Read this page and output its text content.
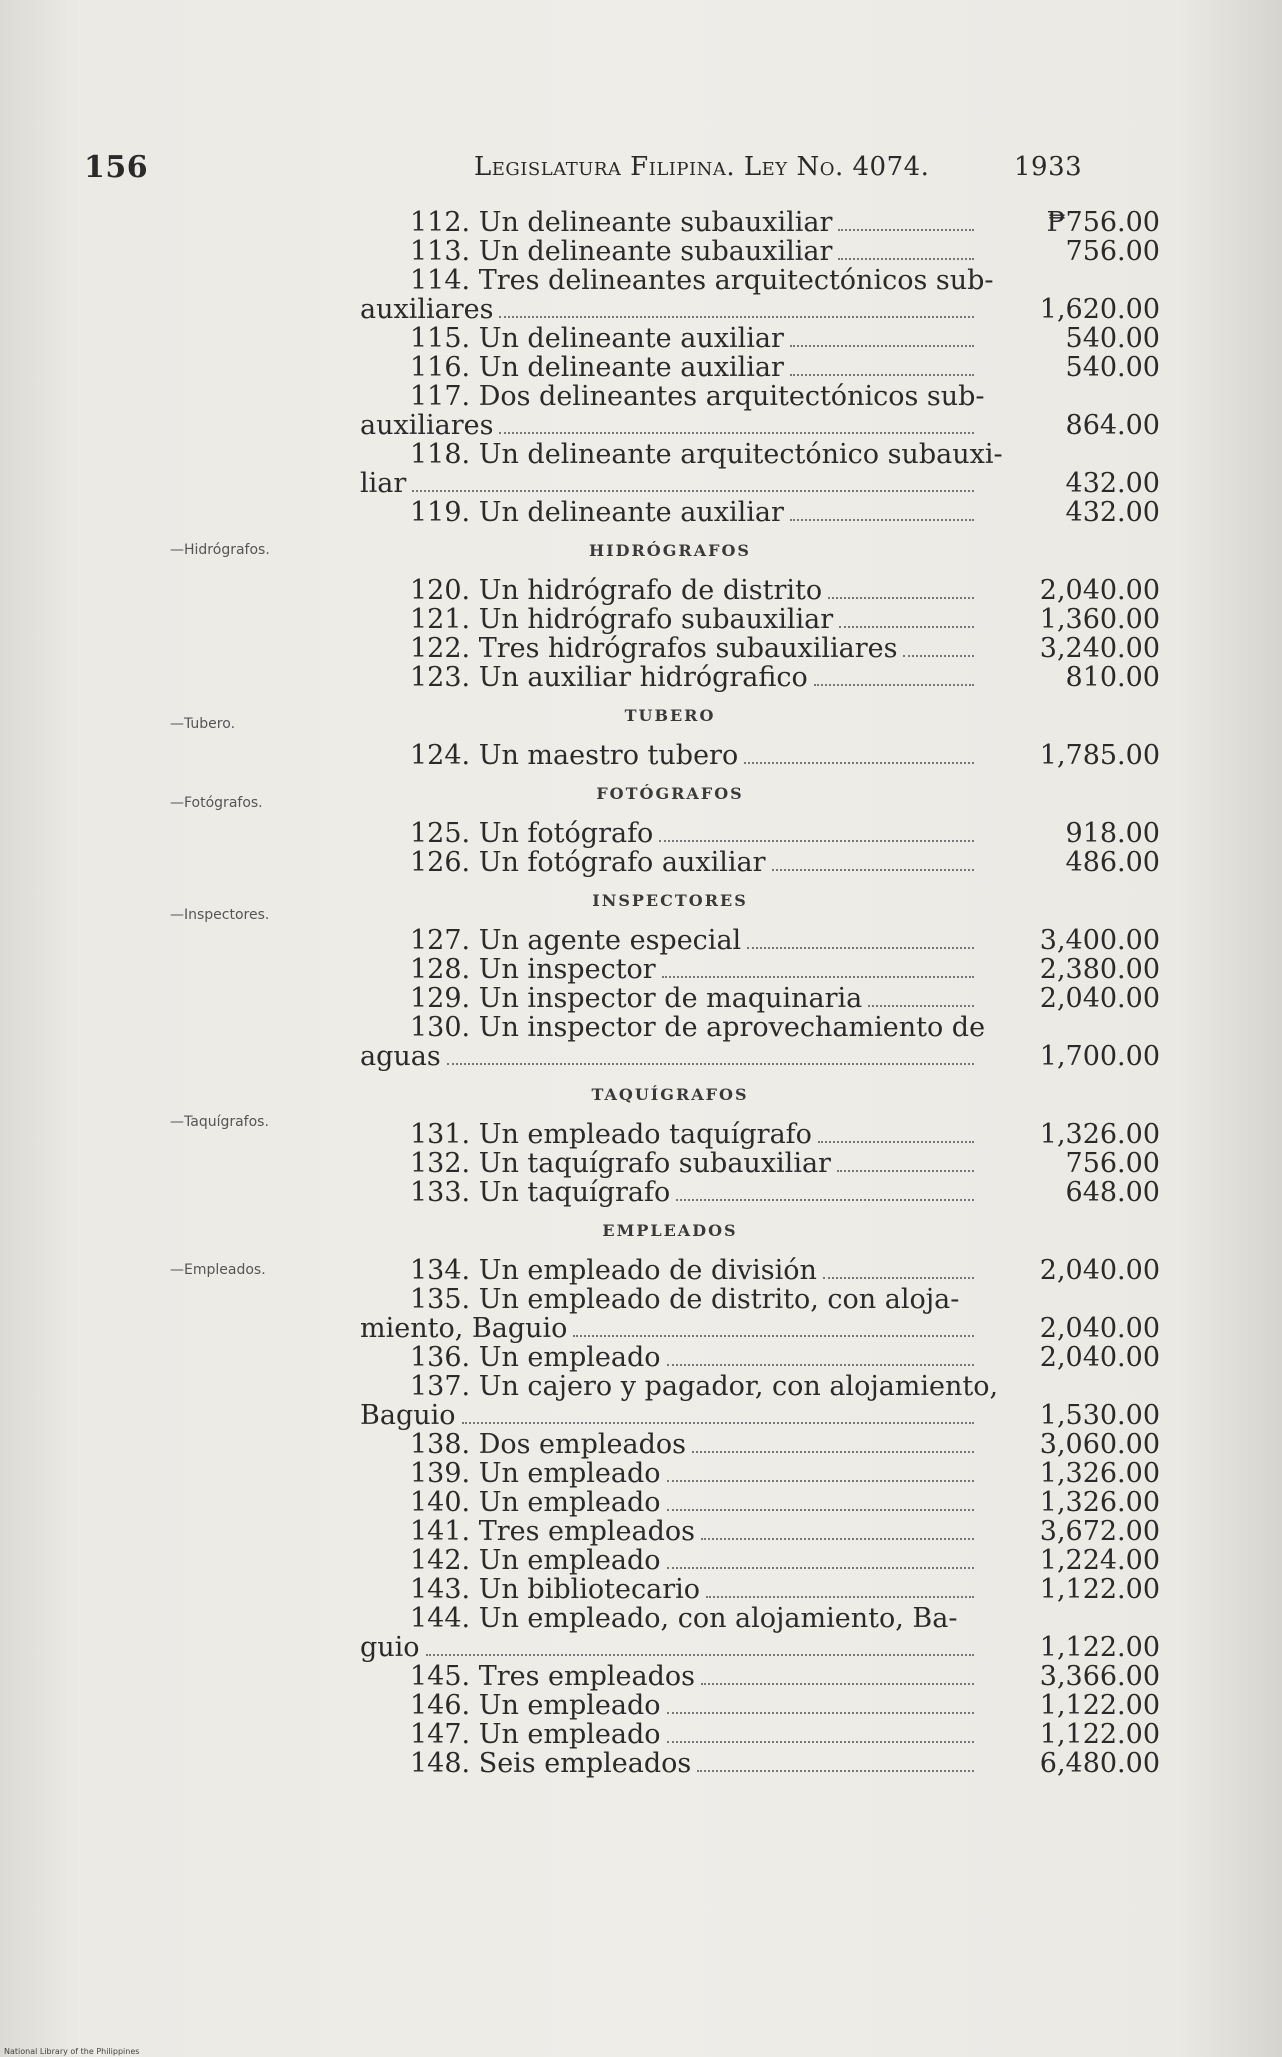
156	Legislatura Filipina. Ley No. 4074.	1933
—Hidrógrafos.
—Tubero.
—Fotógrafos.
—Inspectores.
—Taquígrafos.
—Empleados.
112. Un delineante subauxiliar	₱756.00
113. Un delineante subauxiliar	756.00
114. Tres delineantes arquitectónicos sub-
auxiliares	1,620.00
115. Un delineante auxiliar	540.00
116. Un delineante auxiliar	540.00
117. Dos delineantes arquitectónicos sub-
auxiliares	864.00
118. Un delineante arquitectónico subauxi-
liar	432.00
119. Un delineante auxiliar	432.00
HIDRÓGRAFOS
120. Un hidrógrafo de distrito	2,040.00
121. Un hidrógrafo subauxiliar	1,360.00
122. Tres hidrógrafos subauxiliares	3,240.00
123. Un auxiliar hidrógrafico	810.00
TUBERO
124. Un maestro tubero	1,785.00
FOTÓGRAFOS
125. Un fotógrafo	918.00
126. Un fotógrafo auxiliar	486.00
INSPECTORES
127. Un agente especial	3,400.00
128. Un inspector	2,380.00
129. Un inspector de maquinaria	2,040.00
130. Un inspector de aprovechamiento de
aguas	1,700.00
TAQUÍGRAFOS
131. Un empleado taquígrafo	1,326.00
132. Un taquígrafo subauxiliar	756.00
133. Un taquígrafo	648.00
EMPLEADOS
134. Un empleado de división	2,040.00
135. Un empleado de distrito, con aloja-
miento, Baguio	2,040.00
136. Un empleado	2,040.00
137. Un cajero y pagador, con alojamiento,
Baguio	1,530.00
138. Dos empleados	3,060.00
139. Un empleado	1,326.00
140. Un empleado	1,326.00
141. Tres empleados	3,672.00
142. Un empleado	1,224.00
143. Un bibliotecario	1,122.00
144. Un empleado, con alojamiento, Ba-
guio	1,122.00
145. Tres empleados	3,366.00
146. Un empleado	1,122.00
147. Un empleado	1,122.00
148. Seis empleados	6,480.00
National Library of the Philippines
